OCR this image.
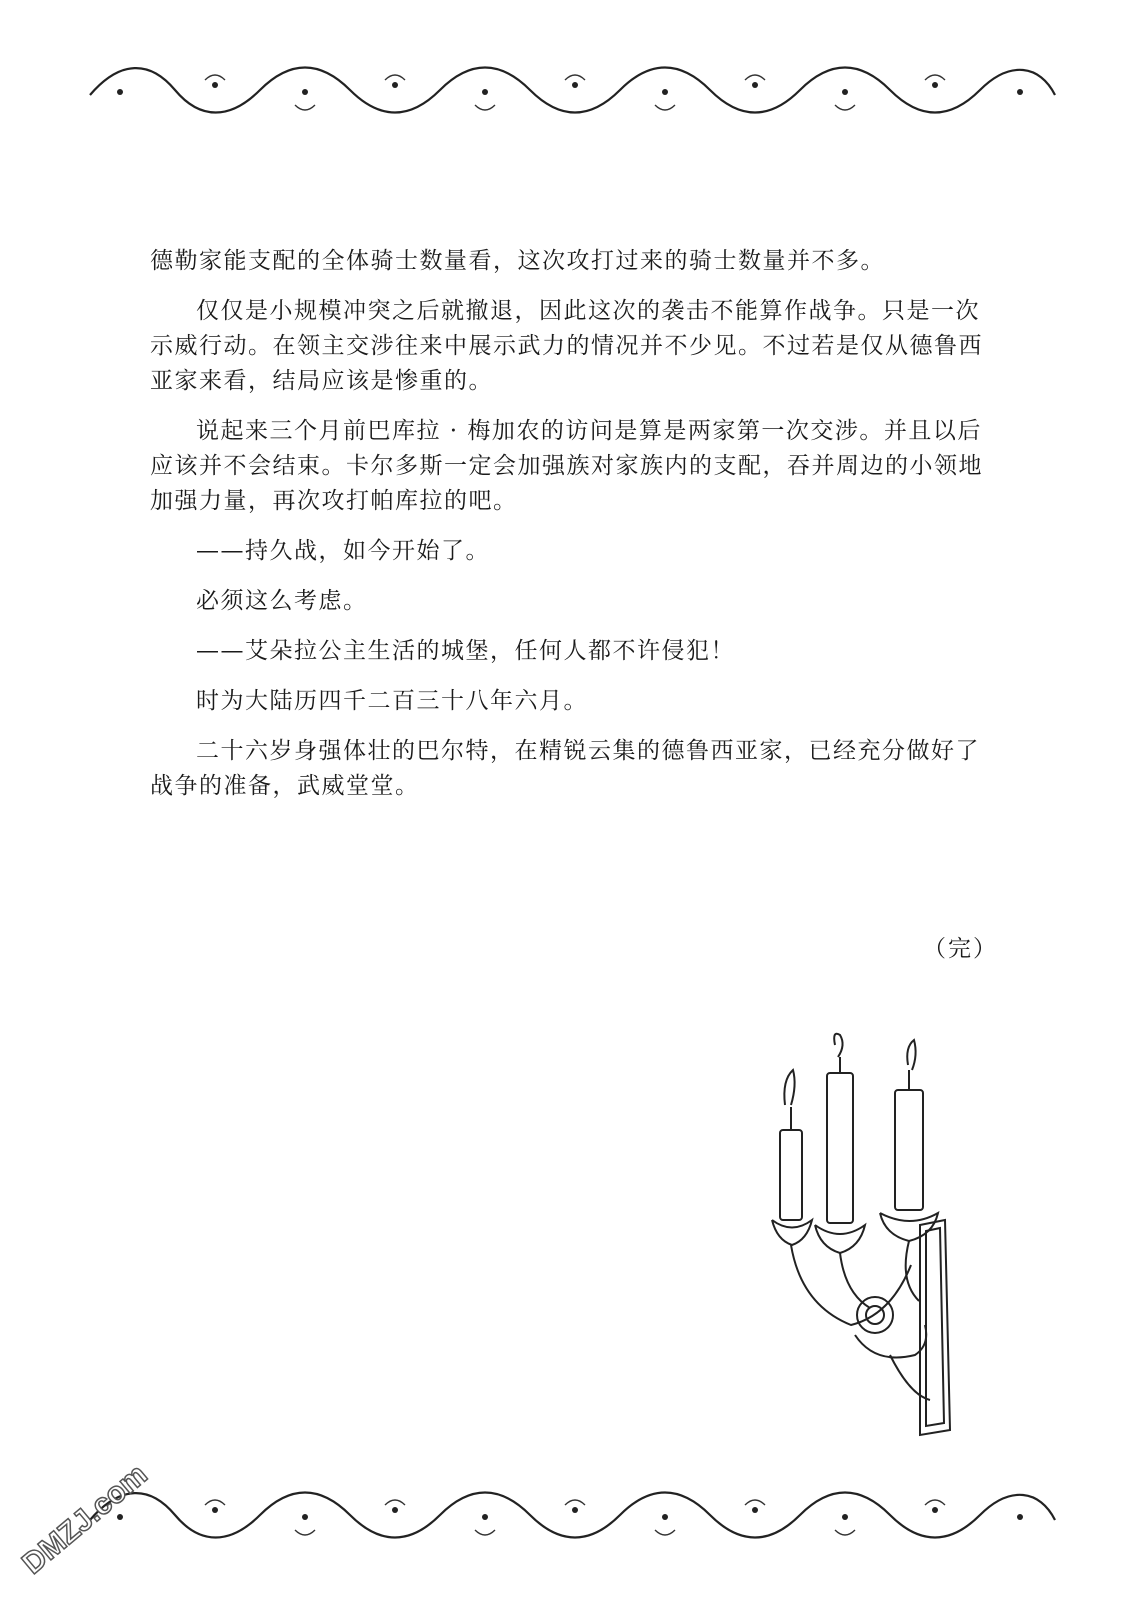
德勒家能支配的全体骑士数量看，这次攻打过来的骑士数量并不多。

仅仅是小规模冲突之后就撤退，因此这次的袭击不能算作战争。只是一次示威行动。在领主交涉往来中展示武力的情况并不少见。不过若是仅从德鲁西亚家来看，结局应该是惨重的。

说起来三个月前巴库拉 · 梅加农的访问是算是两家第一次交涉。并且以后应该并不会结束。卡尔多斯一定会加强族对家族内的支配，吞并周边的小领地加强力量，再次攻打帕库拉的吧。

——持久战，如今开始了。

必须这么考虑。

——艾朵拉公主生活的城堡，任何人都不许侵犯！

时为大陆历四千二百三十八年六月。

二十六岁身强体壮的巴尔特，在精锐云集的德鲁西亚家，已经充分做好了战争的准备，武威堂堂。

（完）
DMZJ.com
